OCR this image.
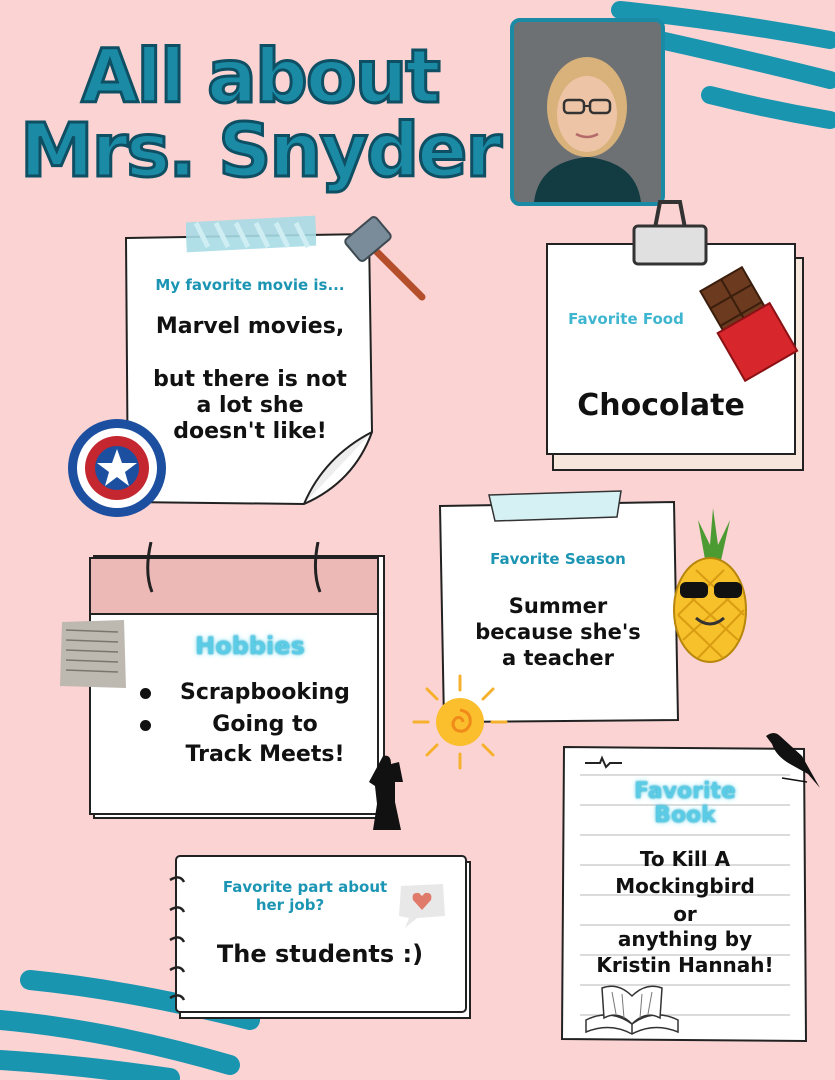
All about
Mrs. Snyder
My favorite movie is...
Marvel movies,
but there is not
a lot she
doesn't like!
Favorite Food
Chocolate
Favorite Season
Summer
because she's
a teacher
Hobbies
Scrapbooking
Going to
Track Meets!
Favorite part about
her job?
The students :)
Favorite
Book
To Kill A
Mockingbird
or
anything by
Kristin Hannah!
